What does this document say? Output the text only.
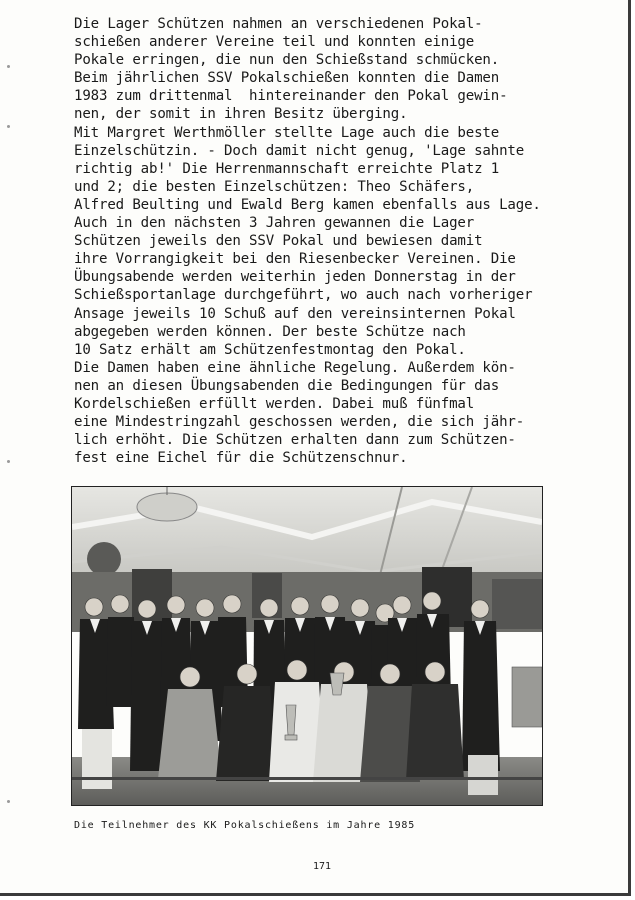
Die Lager Schützen nahmen an verschiedenen Pokal-
schießen anderer Vereine teil und konnten einige
Pokale erringen, die nun den Schießstand schmücken.
Beim jährlichen SSV Pokalschießen konnten die Damen
1983 zum drittenmal  hintereinander den Pokal gewin-
nen, der somit in ihren Besitz überging.
Mit Margret Werthmöller stellte Lage auch die beste
Einzelschützin. - Doch damit nicht genug, 'Lage sahnte
richtig ab!' Die Herrenmannschaft erreichte Platz 1
und 2; die besten Einzelschützen: Theo Schäfers,
Alfred Beulting und Ewald Berg kamen ebenfalls aus Lage.
Auch in den nächsten 3 Jahren gewannen die Lager
Schützen jeweils den SSV Pokal und bewiesen damit
ihre Vorrangigkeit bei den Riesenbecker Vereinen. Die
Übungsabende werden weiterhin jeden Donnerstag in der
Schießsportanlage durchgeführt, wo auch nach vorheriger
Ansage jeweils 10 Schuß auf den vereinsinternen Pokal
abgegeben werden können. Der beste Schütze nach
10 Satz erhält am Schützenfestmontag den Pokal.
Die Damen haben eine ähnliche Regelung. Außerdem kön-
nen an diesen Übungsabenden die Bedingungen für das
Kordelschießen erfüllt werden. Dabei muß fünfmal
eine Mindestringzahl geschossen werden, die sich jähr-
lich erhöht. Die Schützen erhalten dann zum Schützen-
fest eine Eichel für die Schützenschnur.
Die Teilnehmer des KK Pokalschießens im Jahre 1985
171
